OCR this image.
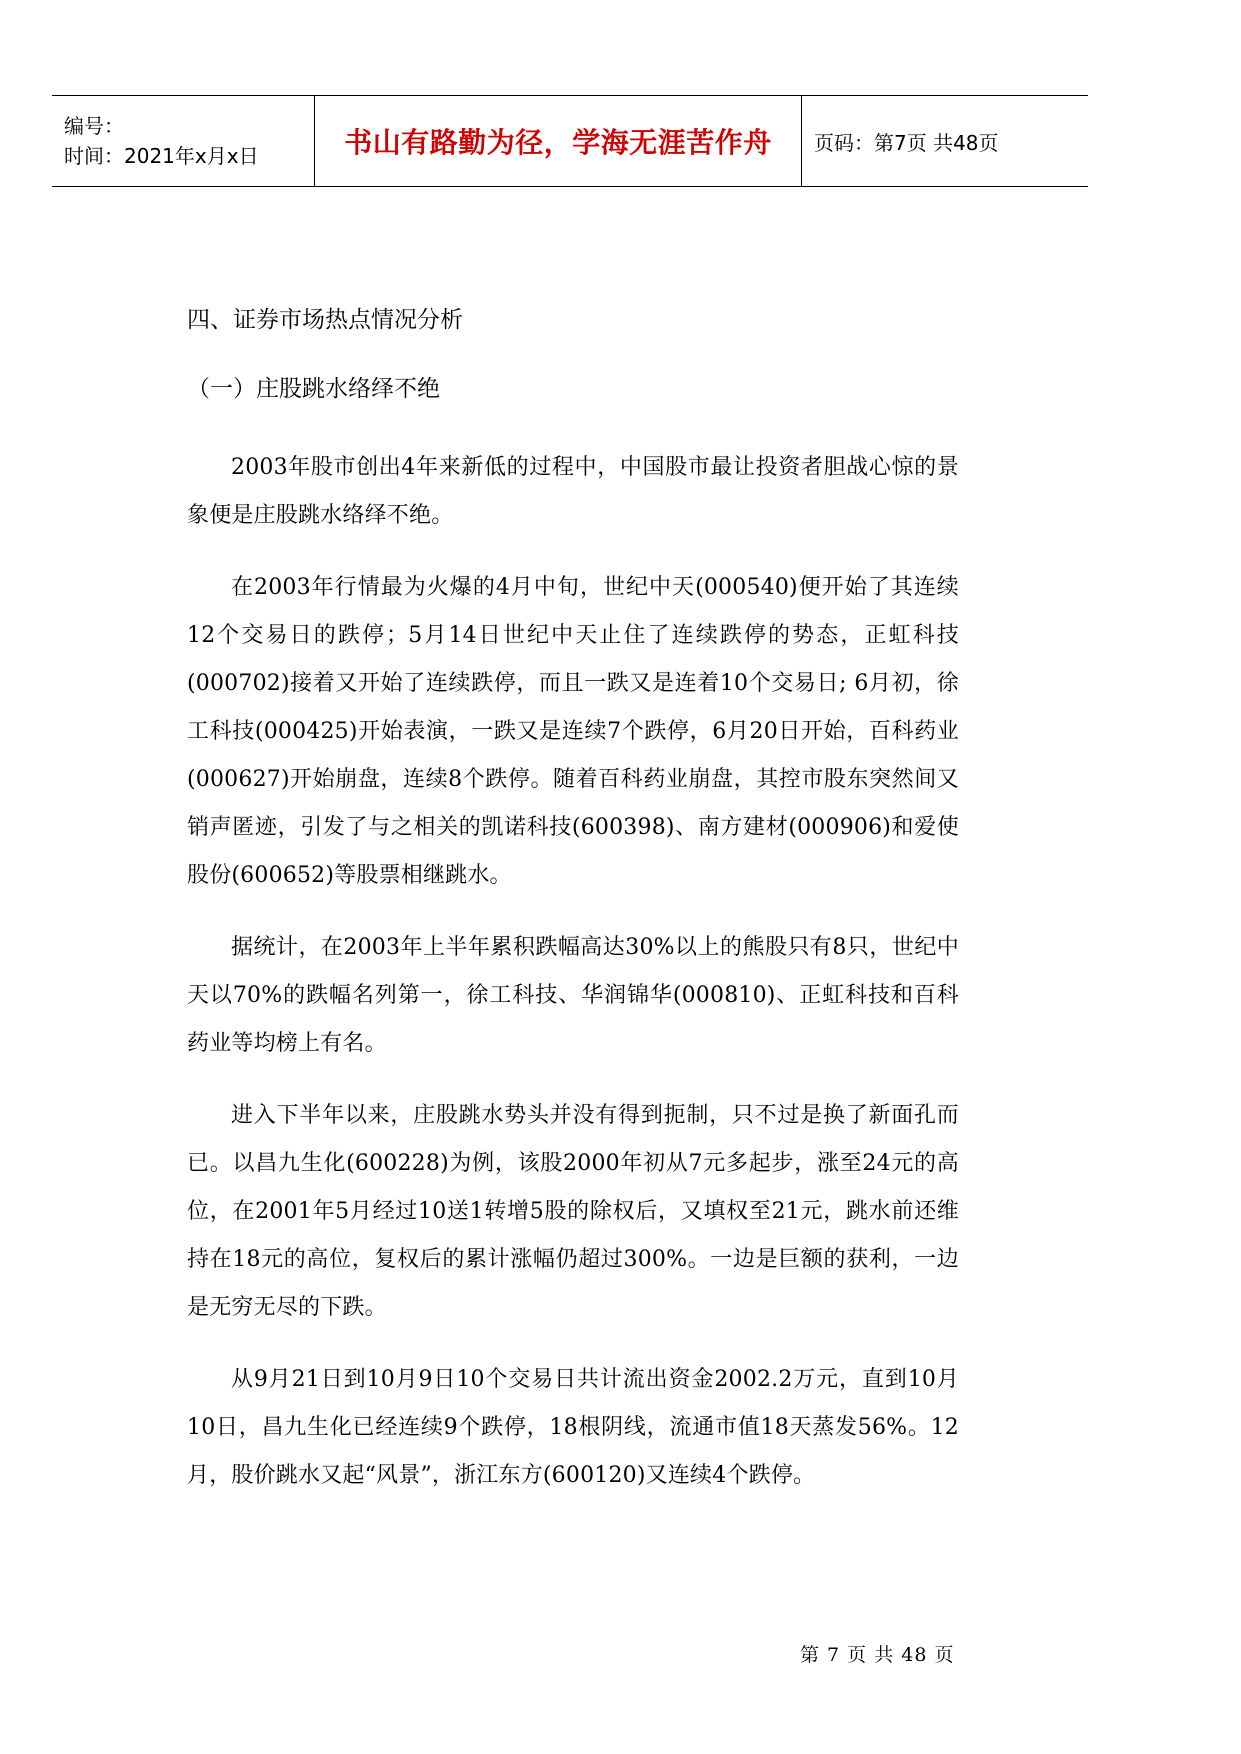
编号：
时间：2021年x月x日	书山有路勤为径，学海无涯苦作舟	页码：第7页 共48页
四、证券市场热点情况分析
（一）庄股跳水络绎不绝

2003年股市创出4年来新低的过程中，中国股市最让投资者胆战心惊的景象便是庄股跳水络绎不绝。

在2003年行情最为火爆的4月中旬，世纪中天(000540)便开始了其连续12个交易日的跌停；5月14日世纪中天止住了连续跌停的势态，正虹科技(000702)接着又开始了连续跌停，而且一跌又是连着10个交易日; 6月初，徐工科技(000425)开始表演，一跌又是连续7个跌停，6月20日开始，百科药业(000627)开始崩盘，连续8个跌停。随着百科药业崩盘，其控市股东突然间又销声匿迹，引发了与之相关的凯诺科技(600398)、南方建材(000906)和爱使股份(600652)等股票相继跳水。

据统计，在2003年上半年累积跌幅高达30%以上的熊股只有8只，世纪中天以70%的跌幅名列第一，徐工科技、华润锦华(000810)、正虹科技和百科药业等均榜上有名。

进入下半年以来，庄股跳水势头并没有得到扼制，只不过是换了新面孔而已。以昌九生化(600228)为例，该股2000年初从7元多起步，涨至24元的高位，在2001年5月经过10送1转增5股的除权后，又填权至21元，跳水前还维持在18元的高位，复权后的累计涨幅仍超过300%。一边是巨额的获利，一边是无穷无尽的下跌。

从9月21日到10月9日10个交易日共计流出资金2002.2万元，直到10月10日，昌九生化已经连续9个跌停，18根阴线，流通市值18天蒸发56%。12月，股价跳水又起“风景”，浙江东方(600120)又连续4个跌停。

第 7 页 共 48 页
